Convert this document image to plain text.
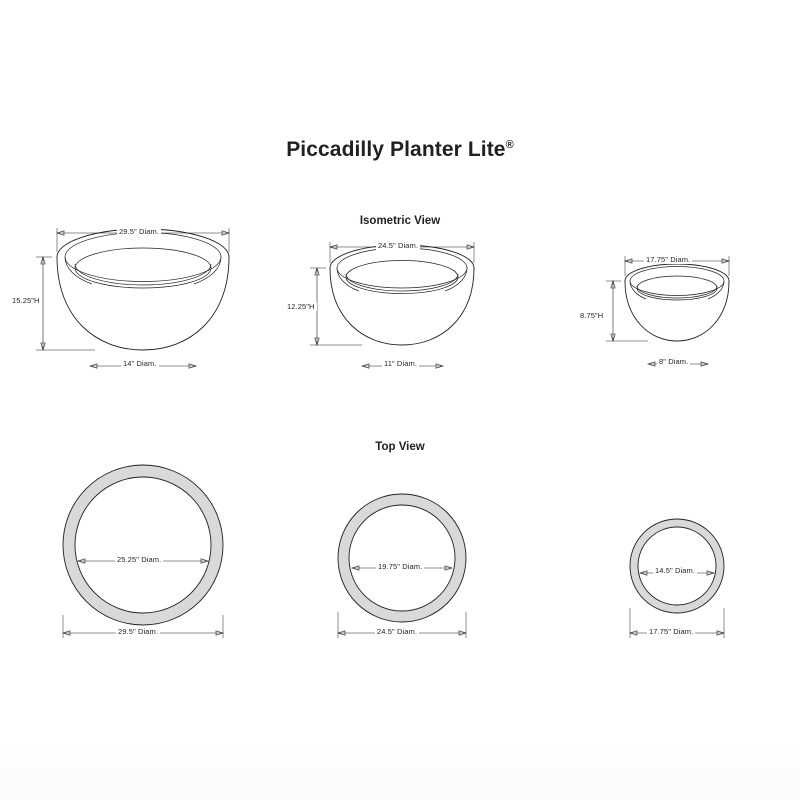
Piccadilly Planter Lite®
Isometric View
Top View
29.5" Diam.
15.25"H
14" Diam.
24.5" Diam.
12.25"H
11" Diam.
17.75" Diam.
8.75"H
8" Diam.
25.25" Diam.
29.5" Diam.
19.75" Diam.
24.5" Diam.
14.5" Diam.
17.75" Diam.
